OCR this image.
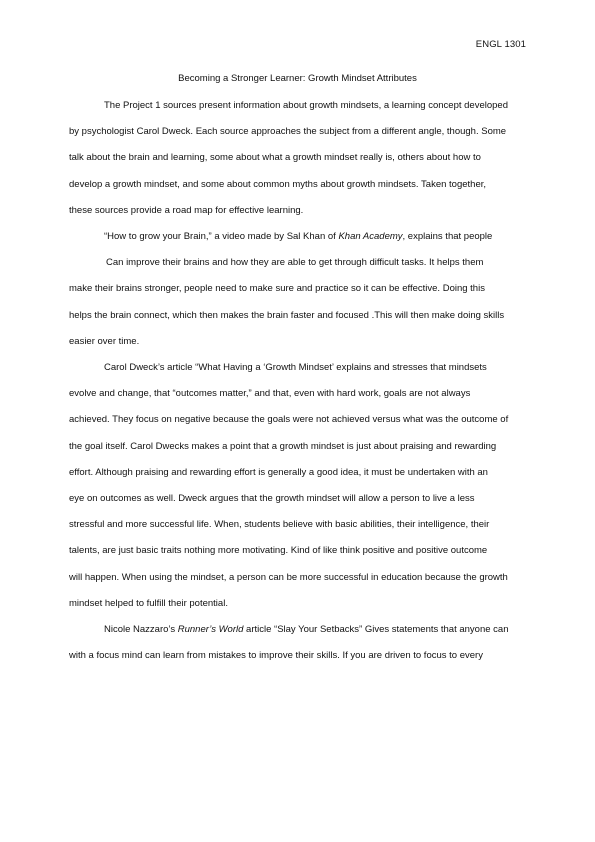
ENGL 1301
Becoming a Stronger Learner: Growth Mindset Attributes
The Project 1 sources present information about growth mindsets, a learning concept developed
by psychologist Carol Dweck. Each source approaches the subject from a different angle, though. Some
talk about the brain and learning, some about what a growth mindset really is, others about how to
develop a growth mindset, and some about common myths about growth mindsets. Taken together,
these sources provide a road map for effective learning.
“How to grow your Brain,” a video made by Sal Khan of Khan Academy, explains that people
Can improve their brains and how they are able to get through difficult tasks. It helps them
make their brains stronger, people need to make sure and practice so it can be effective. Doing this
helps the brain connect, which then makes the brain faster and focused .This will then make doing skills
easier over time.
Carol Dweck’s article “What Having a ‘Growth Mindset’ explains and stresses that mindsets
evolve and change, that “outcomes matter,” and that, even with hard work, goals are not always
achieved. They focus on negative because the goals were not achieved versus what was the outcome of
the goal itself. Carol Dwecks makes a point that a growth mindset is just about praising and rewarding
effort. Although praising and rewarding effort is generally a good idea, it must be undertaken with an
eye on outcomes as well. Dweck argues that the growth mindset will allow a person to live a less
stressful and more successful life. When, students believe with basic abilities, their intelligence, their
talents, are just basic traits nothing more motivating. Kind of like think positive and positive outcome
will happen. When using the mindset, a person can be more successful in education because the growth
mindset helped to fulfill their potential.
Nicole Nazzaro’s Runner’s World article “Slay Your Setbacks” Gives statements that anyone can
with a focus mind can learn from mistakes to improve their skills. If you are driven to focus to every
